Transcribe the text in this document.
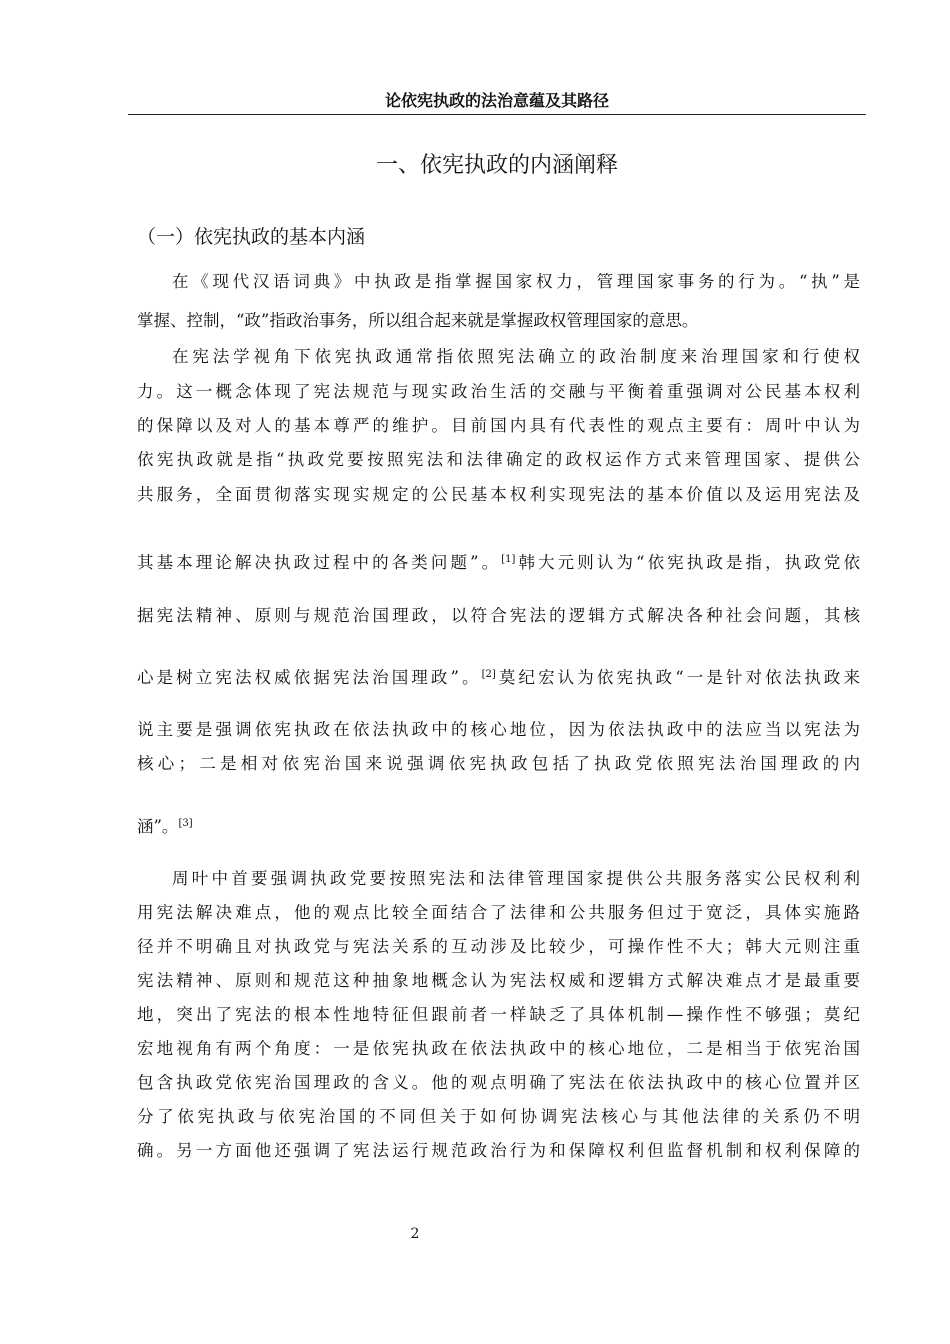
论依宪执政的法治意蕴及其路径
一、依宪执政的内涵阐释
（一）依宪执政的基本内涵
在《现代汉语词典》中执政是指掌握国家权力，管理国家事务的行为。“执”是
掌握、控制，“政”指政治事务，所以组合起来就是掌握政权管理国家的意思。
在宪法学视角下依宪执政通常指依照宪法确立的政治制度来治理国家和行使权
力。这一概念体现了宪法规范与现实政治生活的交融与平衡着重强调对公民基本权利
的保障以及对人的基本尊严的维护。目前国内具有代表性的观点主要有：周叶中认为
依宪执政就是指“执政党要按照宪法和法律确定的政权运作方式来管理国家、提供公
共服务，全面贯彻落实现实规定的公民基本权利实现宪法的基本价值以及运用宪法及
其基本理论解决执政过程中的各类问题”。[1]韩大元则认为“依宪执政是指，执政党依
据宪法精神、原则与规范治国理政，以符合宪法的逻辑方式解决各种社会问题，其核
心是树立宪法权威依据宪法治国理政”。[2]莫纪宏认为依宪执政“一是针对依法执政来
说主要是强调依宪执政在依法执政中的核心地位，因为依法执政中的法应当以宪法为
核心；二是相对依宪治国来说强调依宪执政包括了执政党依照宪法治国理政的内
涵”。[3]
周叶中首要强调执政党要按照宪法和法律管理国家提供公共服务落实公民权利利
用宪法解决难点，他的观点比较全面结合了法律和公共服务但过于宽泛，具体实施路
径并不明确且对执政党与宪法关系的互动涉及比较少，可操作性不大；韩大元则注重
宪法精神、原则和规范这种抽象地概念认为宪法权威和逻辑方式解决难点才是最重要
地，突出了宪法的根本性地特征但跟前者一样缺乏了具体机制—操作性不够强；莫纪
宏地视角有两个角度：一是依宪执政在依法执政中的核心地位，二是相当于依宪治国
包含执政党依宪治国理政的含义。他的观点明确了宪法在依法执政中的核心位置并区
分了依宪执政与依宪治国的不同但关于如何协调宪法核心与其他法律的关系仍不明
确。另一方面他还强调了宪法运行规范政治行为和保障权利但监督机制和权利保障的
2
